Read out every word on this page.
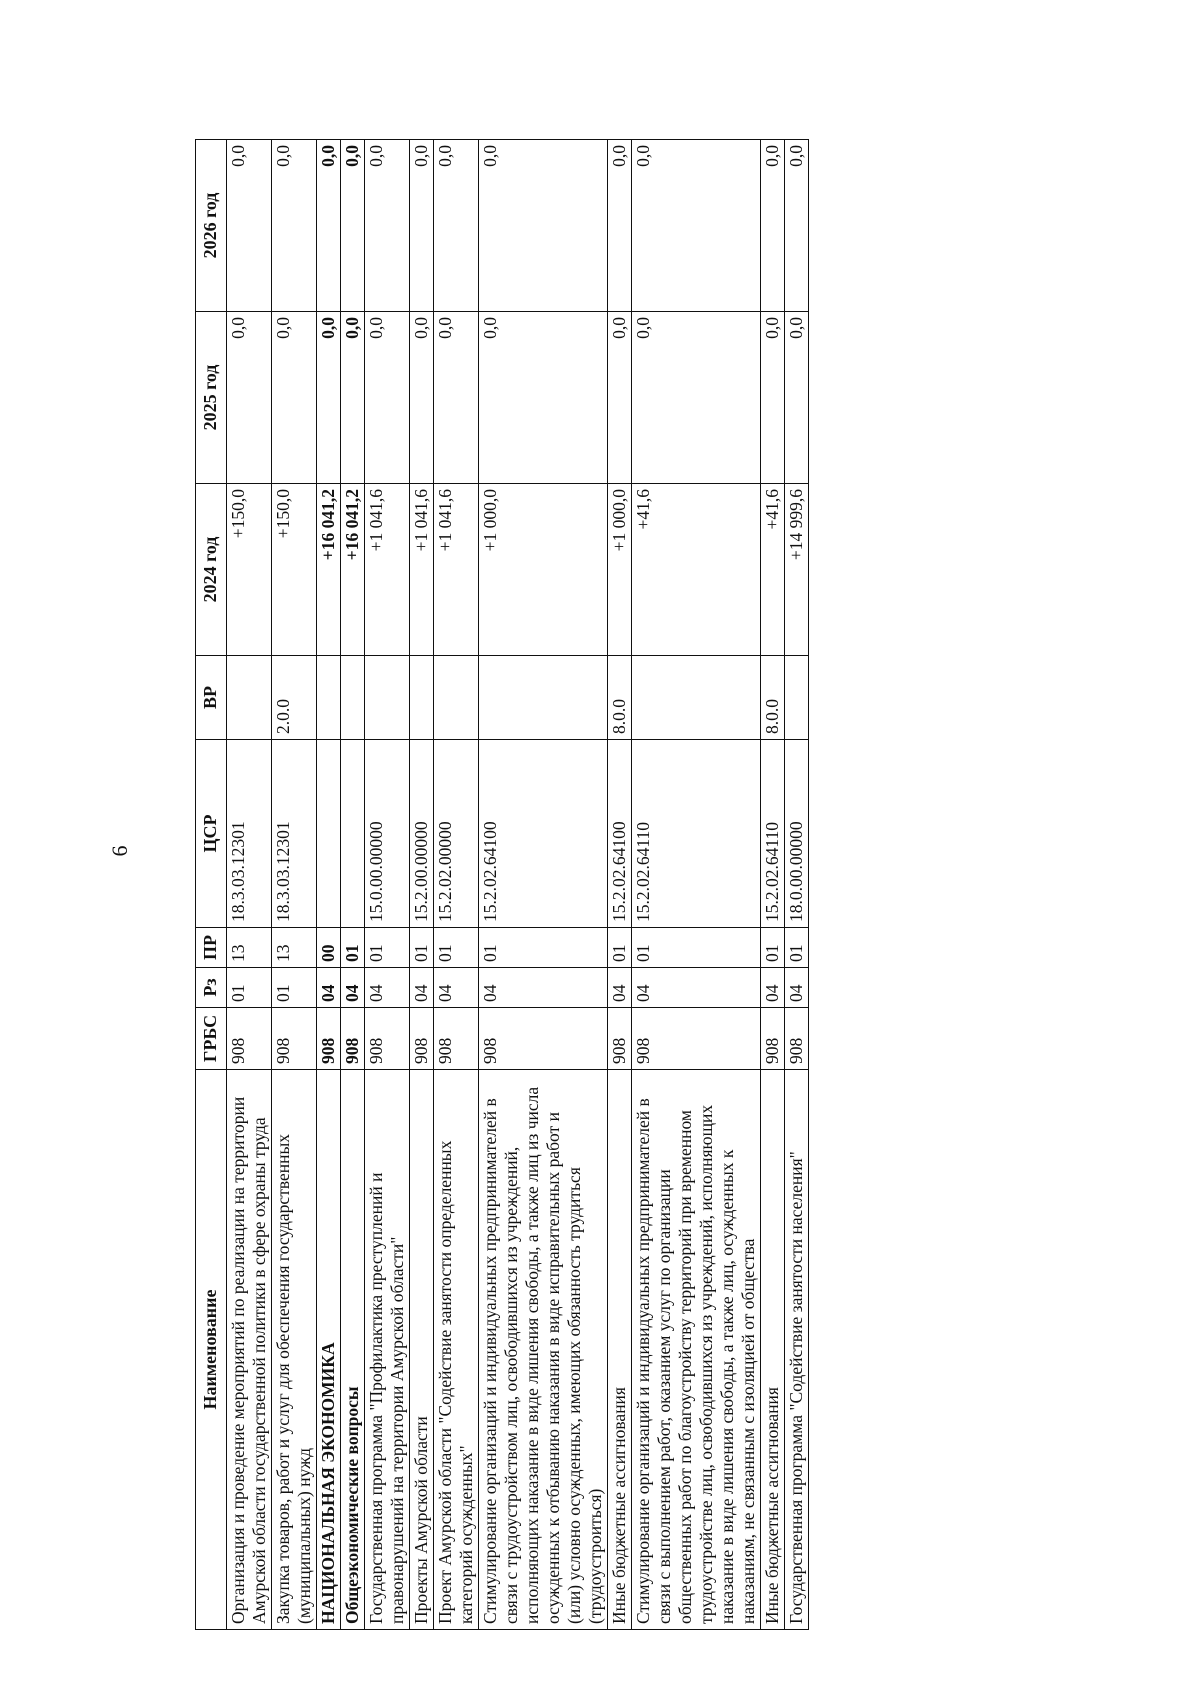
6
Наименование	ГРБС	Рз	ПР	ЦСР	ВР	2024 год	2025 год	2026 год
Организация и проведение мероприятий по реализации на территории Амурской области государственной политики в сфере охраны труда	908	01	13	18.3.03.12301		+150,0	0,0	0,0
Закупка товаров, работ и услуг для обеспечения государственных (муниципальных) нужд	908	01	13	18.3.03.12301	2.0.0	+150,0	0,0	0,0
НАЦИОНАЛЬНАЯ ЭКОНОМИКА	908	04	00			+16 041,2	0,0	0,0
Общеэкономические вопросы	908	04	01			+16 041,2	0,0	0,0
Государственная программа "Профилактика преступлений и правонарушений на территории Амурской области"	908	04	01	15.0.00.00000		+1 041,6	0,0	0,0
Проекты Амурской области	908	04	01	15.2.00.00000		+1 041,6	0,0	0,0
Проект Амурской области "Содействие занятости определенных категорий осужденных"	908	04	01	15.2.02.00000		+1 041,6	0,0	0,0
Стимулирование организаций и индивидуальных предпринимателей в связи с трудоустройством лиц, освободившихся из учреждений, исполняющих наказание в виде лишения свободы, а также лиц из числа осужденных к отбыванию наказания в виде исправительных работ и (или) условно осужденных, имеющих обязанность трудиться (трудоустроиться)	908	04	01	15.2.02.64100		+1 000,0	0,0	0,0
Иные бюджетные ассигнования	908	04	01	15.2.02.64100	8.0.0	+1 000,0	0,0	0,0
Стимулирование организаций и индивидуальных предпринимателей в связи с выполнением работ, оказанием услуг по организации общественных работ по благоустройству территорий при временном трудоустройстве лиц, освободившихся из учреждений, исполняющих наказание в виде лишения свободы, а также лиц, осужденных к наказаниям, не связанным с изоляцией от общества	908	04	01	15.2.02.64110		+41,6	0,0	0,0
Иные бюджетные ассигнования	908	04	01	15.2.02.64110	8.0.0	+41,6	0,0	0,0
Государственная программа "Содействие занятости населения"	908	04	01	18.0.00.00000		+14 999,6	0,0	0,0
